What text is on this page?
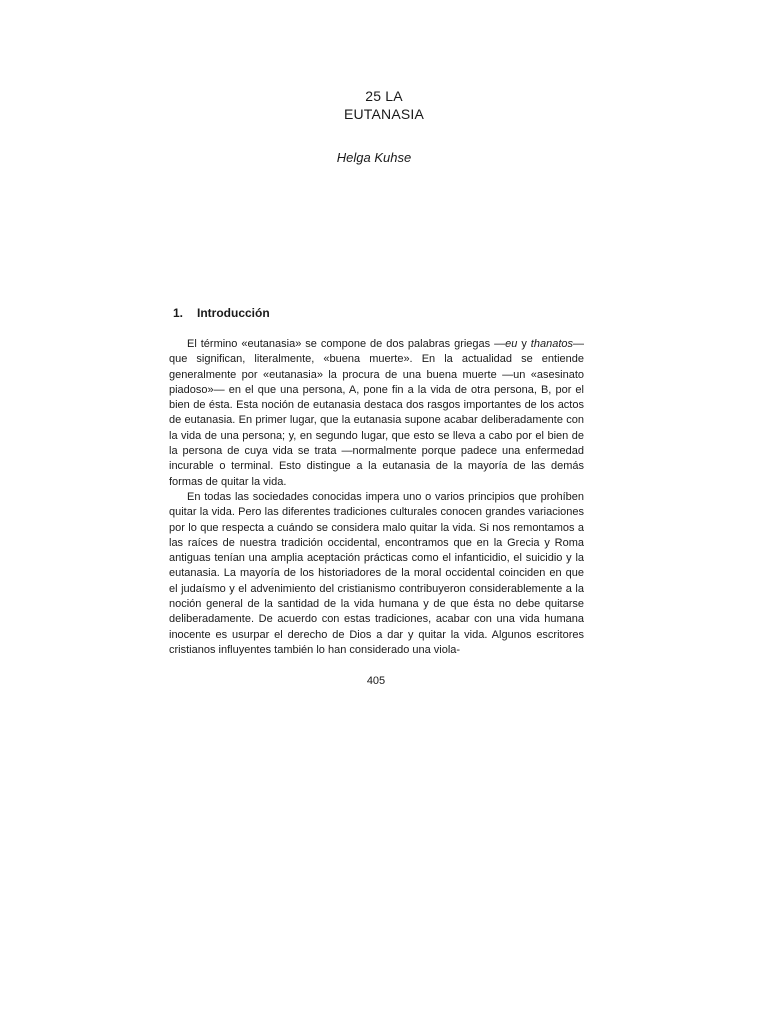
25 LA
EUTANASIA
Helga Kuhse
1. Introducción

El término «eutanasia» se compone de dos palabras griegas —eu y thanatos— que significan, literalmente, «buena muerte». En la actualidad se entiende generalmente por «eutanasia» la procura de una buena muerte —un «asesinato piadoso»— en el que una persona, A, pone fin a la vida de otra persona, B, por el bien de ésta. Esta noción de eutanasia destaca dos rasgos importantes de los actos de eutanasia. En primer lugar, que la eutanasia supone acabar deliberadamente con la vida de una persona; y, en segundo lugar, que esto se lleva a cabo por el bien de la persona de cuya vida se trata —normalmente porque padece una enfermedad incurable o terminal. Esto distingue a la eutanasia de la mayoría de las demás formas de quitar la vida.

En todas las sociedades conocidas impera uno o varios principios que prohíben quitar la vida. Pero las diferentes tradiciones culturales conocen grandes variaciones por lo que respecta a cuándo se considera malo quitar la vida. Si nos remontamos a las raíces de nuestra tradición occidental, encontramos que en la Grecia y Roma antiguas tenían una amplia aceptación prácticas como el infanticidio, el suicidio y la eutanasia. La mayoría de los historiadores de la moral occidental coinciden en que el judaísmo y el advenimiento del cristianismo contribuyeron considerablemente a la noción general de la santidad de la vida humana y de que ésta no debe quitarse deliberadamente. De acuerdo con estas tradiciones, acabar con una vida humana inocente es usurpar el derecho de Dios a dar y quitar la vida. Algunos escritores cristianos influyentes también lo han considerado una viola-

405
